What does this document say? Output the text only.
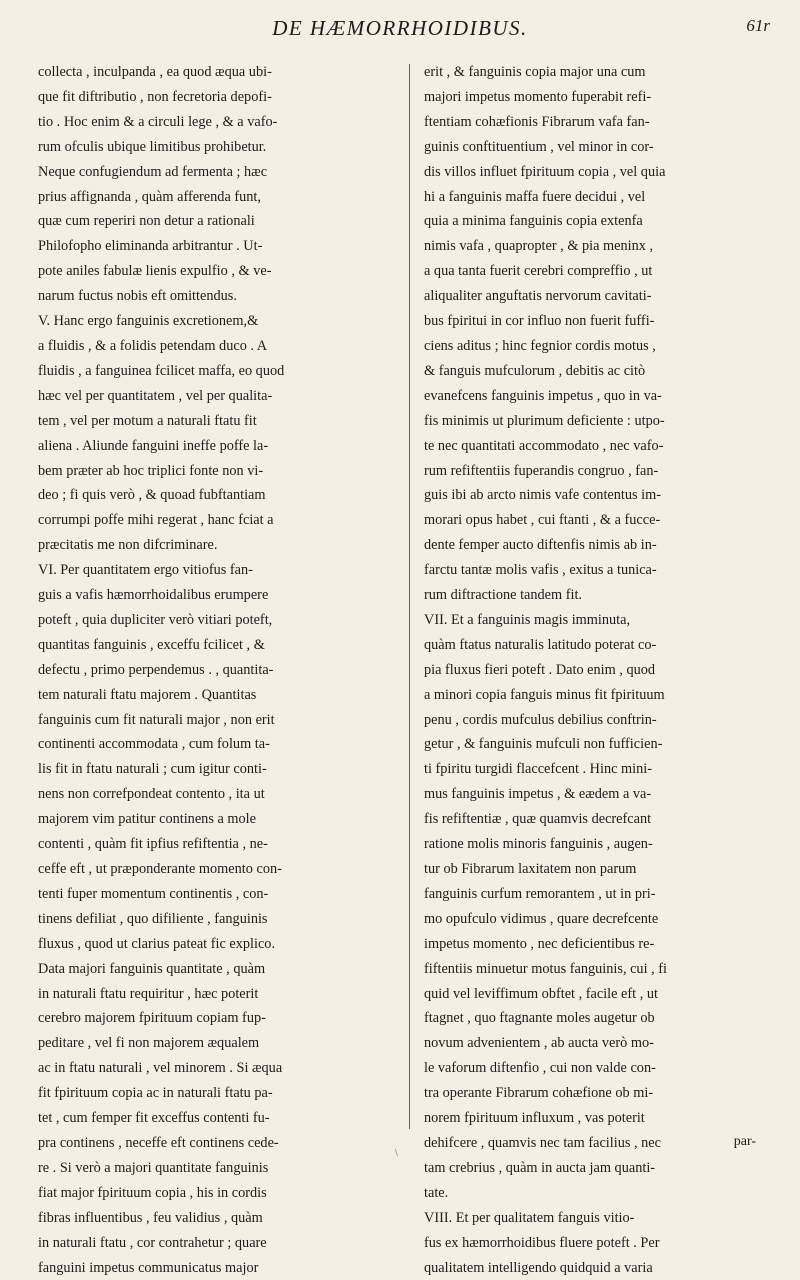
DE HÆMORRHOIDIBUS.	61r
collecta , inculpanda , ea quod æqua ubi-
que fit diftributio , non fecretoria depofi-
tio . Hoc enim & a circuli lege , & a vafo-
rum ofculis ubique limitibus prohibetur.
Neque confugiendum ad fermenta ; hæc
prius affignanda , quàm afferenda funt,
quæ cum reperiri non detur a rationali
Philofopho eliminanda arbitrantur . Ut-
pote aniles fabulæ lienis expulfio , & ve-
narum fuctus nobis eft omittendus.
V. Hanc ergo fanguinis excretionem,&
a fluidis , & a folidis petendam duco . A
fluidis , a fanguinea fcilicet maffa, eo quod
hæc vel per quantitatem , vel per qualita-
tem , vel per motum a naturali ftatu fit
aliena . Aliunde fanguini ineffe poffe la-
bem præter ab hoc triplici fonte non vi-
deo ; fi quis verò , & quoad fubftantiam
corrumpi poffe mihi regerat , hanc fciat a
præcitatis me non difcriminare.
VI. Per quantitatem ergo vitiofus fan-
guis a vafis hæmorrhoidalibus erumpere
poteft , quia dupliciter verò vitiari poteft,
quantitas fanguinis , exceffu fcilicet , &
defectu , primo perpendemus . , quantita-
tem naturali ftatu majorem . Quantitas
fanguinis cum fit naturali major , non erit
continenti accommodata , cum folum ta-
lis fit in ftatu naturali ; cum igitur conti-
nens non correfpondeat contento , ita ut
majorem vim patitur continens a mole
contenti , quàm fit ipfius refiftentia , ne-
ceffe eft , ut præponderante momento con-
tenti fuper momentum continentis , con-
tinens defiliat , quo difiliente , fanguinis
fluxus , quod ut clarius pateat fic explico.
Data majori fanguinis quantitate , quàm
in naturali ftatu requiritur , hæc poterit
cerebro majorem fpirituum copiam fup-
peditare , vel fi non majorem æqualem
ac in ftatu naturali , vel minorem . Si æqua
fit fpirituum copia ac in naturali ftatu pa-
tet , cum femper fit exceffus contenti fu-
pra continens , neceffe eft continens cede-
re . Si verò a majori quantitate fanguinis
fiat major fpirituum copia , his in cordis
fibras influentibus , feu validius , quàm
in naturali ftatu , cor contrahetur ; quare
fanguini impetus communicatus major
erit , & fanguinis copia major una cum
majori impetus momento fuperabit refi-
ftentiam cohæfionis Fibrarum vafa fan-
guinis conftituentium , vel minor in cor-
dis villos influet fpirituum copia , vel quia
hi a fanguinis maffa fuere decidui , vel
quia a minima fanguinis copia extenfa
nimis vafa , quapropter , & pia meninx ,
a qua tanta fuerit cerebri compreffio , ut
aliqualiter anguftatis nervorum cavitati-
bus fpiritui in cor influo non fuerit fuffi-
ciens aditus ; hinc fegnior cordis motus ,
& fanguis mufculorum , debitis ac citò
evanefcens fanguinis impetus , quo in va-
fis minimis ut plurimum deficiente : utpo-
te nec quantitati accommodato , nec vafo-
rum refiftentiis fuperandis congruo , fan-
guis ibi ab arcto nimis vafe contentus im-
morari opus habet , cui ftanti , & a fucce-
dente femper aucto diftenfis nimis ab in-
farctu tantæ molis vafis , exitus a tunica-
rum diftractione tandem fit.
VII. Et a fanguinis magis imminuta,
quàm ftatus naturalis latitudo poterat co-
pia fluxus fieri poteft . Dato enim , quod
a minori copia fanguis minus fit fpirituum
penu , cordis mufculus debilius conftrin-
getur , & fanguinis mufculi non fufficien-
ti fpiritu turgidi flaccefcent . Hinc mini-
mus fanguinis impetus , & eædem a va-
fis refiftentiæ , quæ quamvis decrefcant
ratione molis minoris fanguinis , augen-
tur ob Fibrarum laxitatem non parum
fanguinis curfum remorantem , ut in pri-
mo opufculo vidimus , quare decrefcente
impetus momento , nec deficientibus re-
fiftentiis minuetur motus fanguinis, cui , fi
quid vel leviffimum obftet , facile eft , ut
ftagnet , quo ftagnante moles augetur ob
novum advenientem , ab aucta verò mo-
le vaforum diftenfio , cui non valde con-
tra operante Fibrarum cohæfione ob mi-
norem fpirituum influxum , vas poterit
dehifcere , quamvis nec tam facilius , nec
tam crebrius , quàm in aucta jam quanti-
tate.
VIII. Et per qualitatem fanguis vitio-
fus ex hæmorrhoidibus fluere poteft . Per
qualitatem intelligendo quidquid a varia
par-
\
